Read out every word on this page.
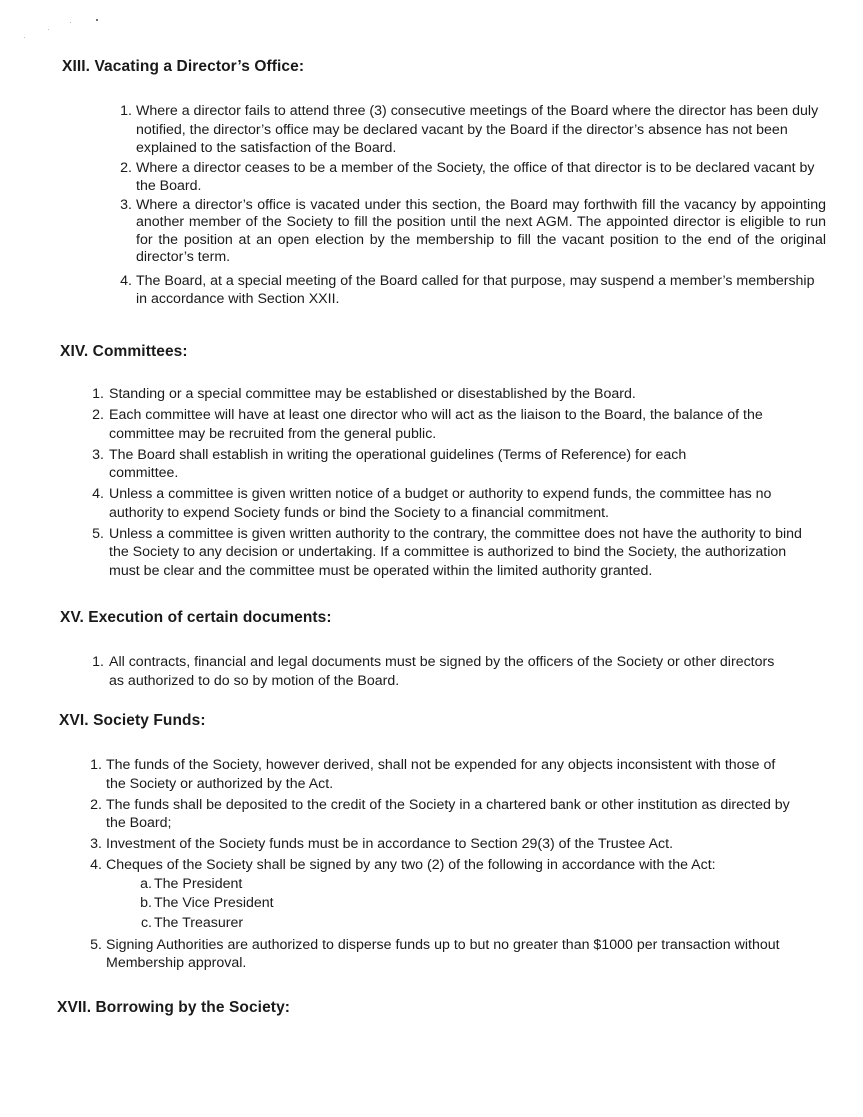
XIII. Vacating a Director’s Office:
1. Where a director fails to attend three (3) consecutive meetings of the Board where the director has been duly notified, the director’s office may be declared vacant by the Board if the director’s absence has not been explained to the satisfaction of the Board.
2. Where a director ceases to be a member of the Society, the office of that director is to be declared vacant by the Board.
3. Where a director’s office is vacated under this section, the Board may forthwith fill the vacancy by appointing another member of the Society to fill the position until the next AGM. The appointed director is eligible to run for the position at an open election by the membership to fill the vacant position to the end of the original director’s term.
4. The Board, at a special meeting of the Board called for that purpose, may suspend a member’s membership in accordance with Section XXII.
XIV. Committees:
1. Standing or a special committee may be established or disestablished by the Board.
2. Each committee will have at least one director who will act as the liaison to the Board, the balance of the committee may be recruited from the general public.
3. The Board shall establish in writing the operational guidelines (Terms of Reference) for each committee.
4. Unless a committee is given written notice of a budget or authority to expend funds, the committee has no authority to expend Society funds or bind the Society to a financial commitment.
5. Unless a committee is given written authority to the contrary, the committee does not have the authority to bind the Society to any decision or undertaking. If a committee is authorized to bind the Society, the authorization must be clear and the committee must be operated within the limited authority granted.
XV. Execution of certain documents:
1. All contracts, financial and legal documents must be signed by the officers of the Society or other directors as authorized to do so by motion of the Board.
XVI. Society Funds:
1. The funds of the Society, however derived, shall not be expended for any objects inconsistent with those of the Society or authorized by the Act.
2. The funds shall be deposited to the credit of the Society in a chartered bank or other institution as directed by the Board;
3. Investment of the Society funds must be in accordance to Section 29(3) of the Trustee Act.
4. Cheques of the Society shall be signed by any two (2) of the following in accordance with the Act:
a. The President
b. The Vice President
c. The Treasurer
5. Signing Authorities are authorized to disperse funds up to but no greater than $1000 per transaction without Membership approval.
XVII. Borrowing by the Society:
